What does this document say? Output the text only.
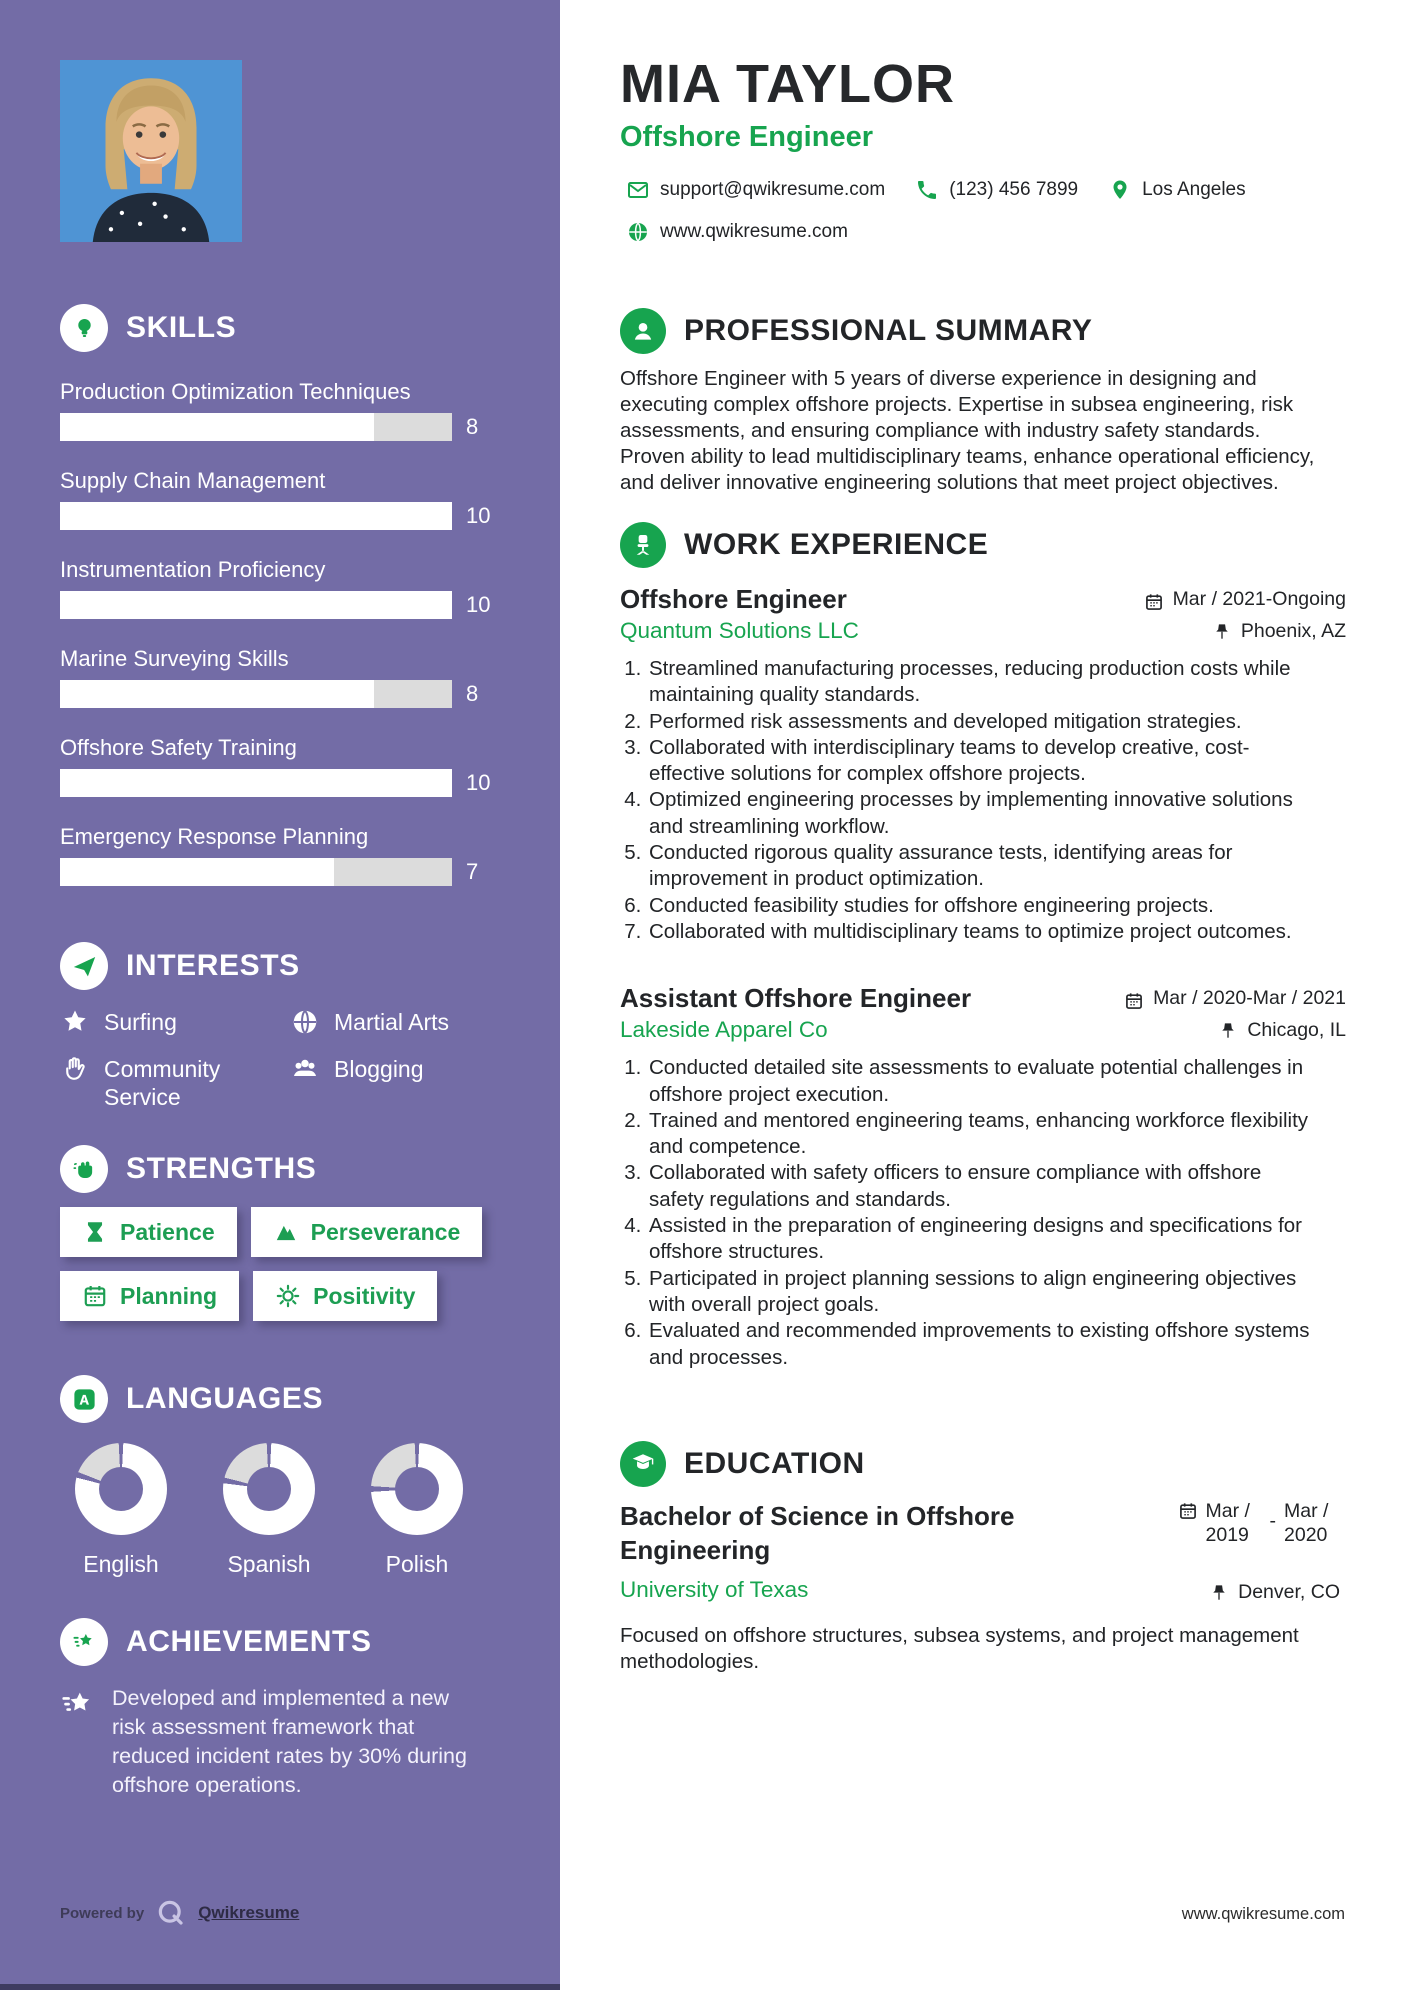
SKILLS
Production Optimization Techniques
8
Supply Chain Management
10
Instrumentation Proficiency
10
Marine Surveying Skills
8
Offshore Safety Training
10
Emergency Response Planning
7
INTERESTS
Surfing	Martial Arts
Community Service
Blogging
STRENGTHS
Patience	Perseverance
Planning	Positivity
LANGUAGES
English	Spanish	Polish
ACHIEVEMENTS
Developed and implemented a new risk assessment framework that reduced incident rates by 30% during offshore operations.
Powered by	Qwikresume
MIA TAYLOR
Offshore Engineer
support@qwikresume.com	(123) 456 7899	Los Angeles
www.qwikresume.com
PROFESSIONAL SUMMARY

Offshore Engineer with 5 years of diverse experience in designing and executing complex offshore projects. Expertise in subsea engineering, risk assessments, and ensuring compliance with industry safety standards. Proven ability to lead multidisciplinary teams, enhance operational efficiency, and deliver innovative engineering solutions that meet project objectives.

WORK EXPERIENCE
Offshore Engineer
Quantum Solutions LLC
Mar / 2021-Ongoing
Phoenix, AZ
1. Streamlined manufacturing processes, reducing production costs while maintaining quality standards.
2. Performed risk assessments and developed mitigation strategies.
3. Collaborated with interdisciplinary teams to develop creative, cost-effective solutions for complex offshore projects.
4. Optimized engineering processes by implementing innovative solutions and streamlining workflow.
5. Conducted rigorous quality assurance tests, identifying areas for improvement in product optimization.
6. Conducted feasibility studies for offshore engineering projects.
7. Collaborated with multidisciplinary teams to optimize project outcomes.
Assistant Offshore Engineer
Lakeside Apparel Co
Mar / 2020-Mar / 2021
Chicago, IL
1. Conducted detailed site assessments to evaluate potential challenges in offshore project execution.
2. Trained and mentored engineering teams, enhancing workforce flexibility and competence.
3. Collaborated with safety officers to ensure compliance with offshore safety regulations and standards.
4. Assisted in the preparation of engineering designs and specifications for offshore structures.
5. Participated in project planning sessions to align engineering objectives with overall project goals.
6. Evaluated and recommended improvements to existing offshore systems and processes.
EDUCATION
Bachelor of Science in Offshore Engineering
University of Texas
Mar / 2019
- Mar / 2020
Denver, CO

Focused on offshore structures, subsea systems, and project management methodologies.

www.qwikresume.com
